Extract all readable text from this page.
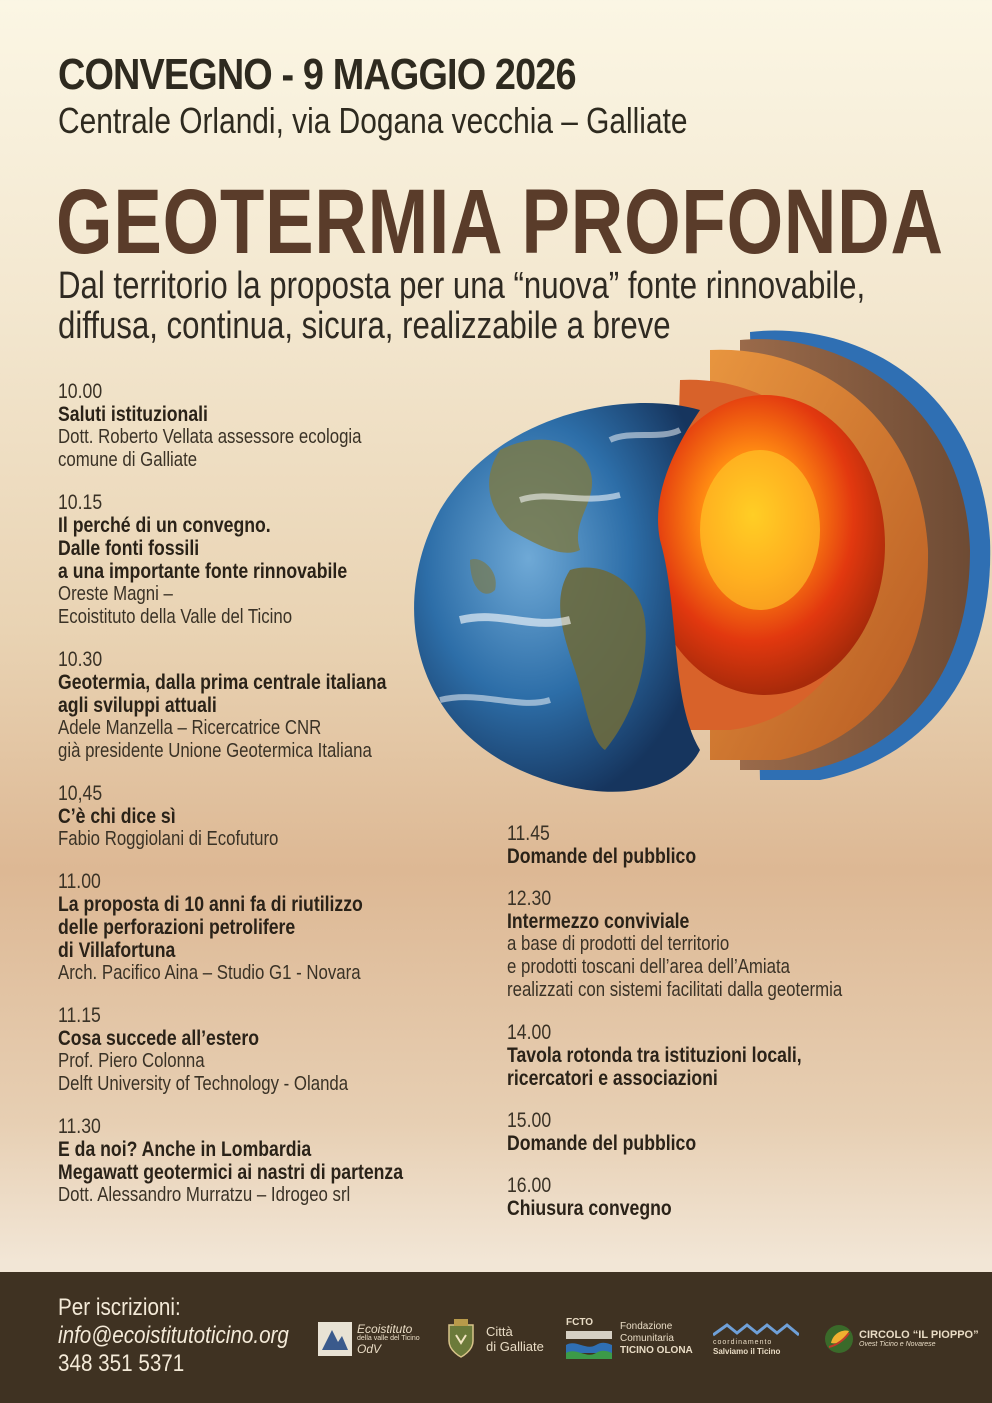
CONVEGNO - 9 MAGGIO 2026
Centrale Orlandi, via Dogana vecchia – Galliate
GEOTERMIA PROFONDA
Dal territorio la proposta per una “nuova” fonte rinnovabile,
diffusa, continua, sicura, realizzabile a breve
10.00
Saluti istituzionali
Dott. Roberto Vellata assessore ecologia
comune di Galliate
10.15
Il perché di un convegno.
Dalle fonti fossili
a una importante fonte rinnovabile
Oreste Magni –
Ecoistituto della Valle del Ticino
10.30
Geotermia, dalla prima centrale italiana
agli sviluppi attuali
Adele Manzella – Ricercatrice CNR
già presidente Unione Geotermica Italiana
10,45
C’è chi dice sì
Fabio Roggiolani di Ecofuturo
11.00
La proposta di 10 anni fa di riutilizzo
delle perforazioni petrolifere
di Villafortuna
Arch. Pacifico Aina – Studio G1 - Novara
11.15
Cosa succede all’estero
Prof. Piero Colonna
Delft University of Technology - Olanda
11.30
E da noi? Anche in Lombardia
Megawatt geotermici ai nastri di partenza
Dott. Alessandro Murratzu – Idrogeo srl
11.45
Domande del pubblico
12.30
Intermezzo conviviale
a base di prodotti del territorio
e prodotti toscani dell’area dell’Amiata
realizzati con sistemi facilitati dalla geotermia
14.00
Tavola rotonda tra istituzioni locali,
ricercatori e associazioni
15.00
Domande del pubblico
16.00
Chiusura convegno
Per iscrizioni:
info@ecoistitutoticino.org
348 351 5371
Ecoistituto
della valle del Ticino
OdV
Città
di Galliate
FCTO	Fondazione
Comunitaria
TICINO OLONA
coordinamento
Salviamo il Ticino
CIRCOLO “IL PIOPPO”
Ovest Ticino e Novarese
